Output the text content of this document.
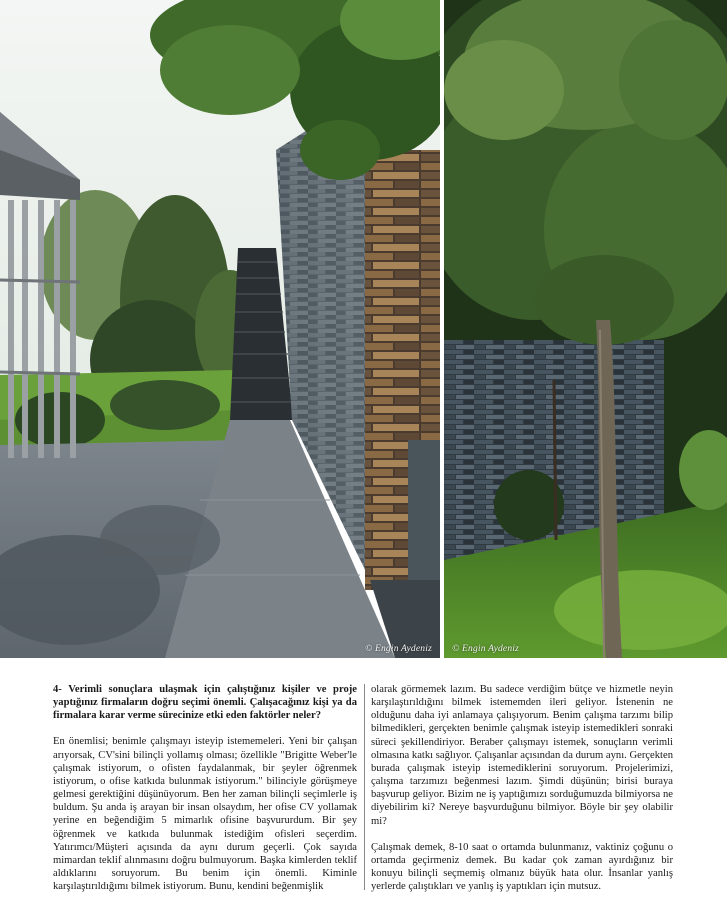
© Engin Aydeniz © Engin Aydeniz

4- Verimli sonuçlara ulaşmak için çalıştığınız kişiler ve proje yaptığınız firmaların doğru seçimi önemli. Çalışacağınız kişi ya da firmalara karar verme sürecinize etki eden faktörler neler?

En önemlisi; benimle çalışmayı isteyip istememeleri. Yeni bir çalışan arıyorsak, CV'sini bilinçli yollamış olması; özellikle "Brigitte Weber'le çalışmak istiyorum, o ofisten faydalanmak, bir şeyler öğrenmek istiyorum, o ofise katkıda bulunmak istiyorum." bilinciyle görüşmeye gelmesi gerektiğini düşünüyorum. Ben her zaman bilinçli seçimlerle iş buldum. Şu anda iş arayan bir insan olsaydım, her ofise CV yollamak yerine en beğendiğim 5 mimarlık ofisine başvururdum. Bir şey öğrenmek ve katkıda bulunmak istediğim ofisleri seçerdim. Yatırımcı/Müşteri açısında da aynı durum geçerli. Çok sayıda mimardan teklif alınmasını doğru bulmuyorum. Başka kimlerden teklif aldıklarını soruyorum. Bu benim için önemli. Kiminle karşılaştırıldığımı bilmek istiyorum. Bunu, kendini beğenmişlik

olarak görmemek lazım. Bu sadece verdiğim bütçe ve hizmetle neyin karşılaştırıldığını bilmek istememden ileri geliyor. İstenenin ne olduğunu daha iyi anlamaya çalışıyorum. Benim çalışma tarzımı bilip bilmedikleri, gerçekten benimle çalışmak isteyip istemedikleri sonraki süreci şekillendiriyor. Beraber çalışmayı istemek, sonuçların verimli olmasına katkı sağlıyor. Çalışanlar açısından da durum aynı. Gerçekten burada çalışmak isteyip istemediklerini soruyorum. Projelerimizi, çalışma tarzımızı beğenmesi lazım. Şimdi düşünün; birisi buraya başvurup geliyor. Bizim ne iş yaptığımızı sorduğumuzda bilmiyorsa ne diyebilirim ki? Nereye başvurduğunu bilmiyor. Böyle bir şey olabilir mi?

Çalışmak demek, 8-10 saat o ortamda bulunmanız, vaktiniz çoğunu o ortamda geçirmeniz demek. Bu kadar çok zaman ayırdığınız bir konuyu bilinçli seçmemiş olmanız büyük hata olur. İnsanlar yanlış yerlerde çalıştıkları ve yanlış iş yaptıkları için mutsuz.
